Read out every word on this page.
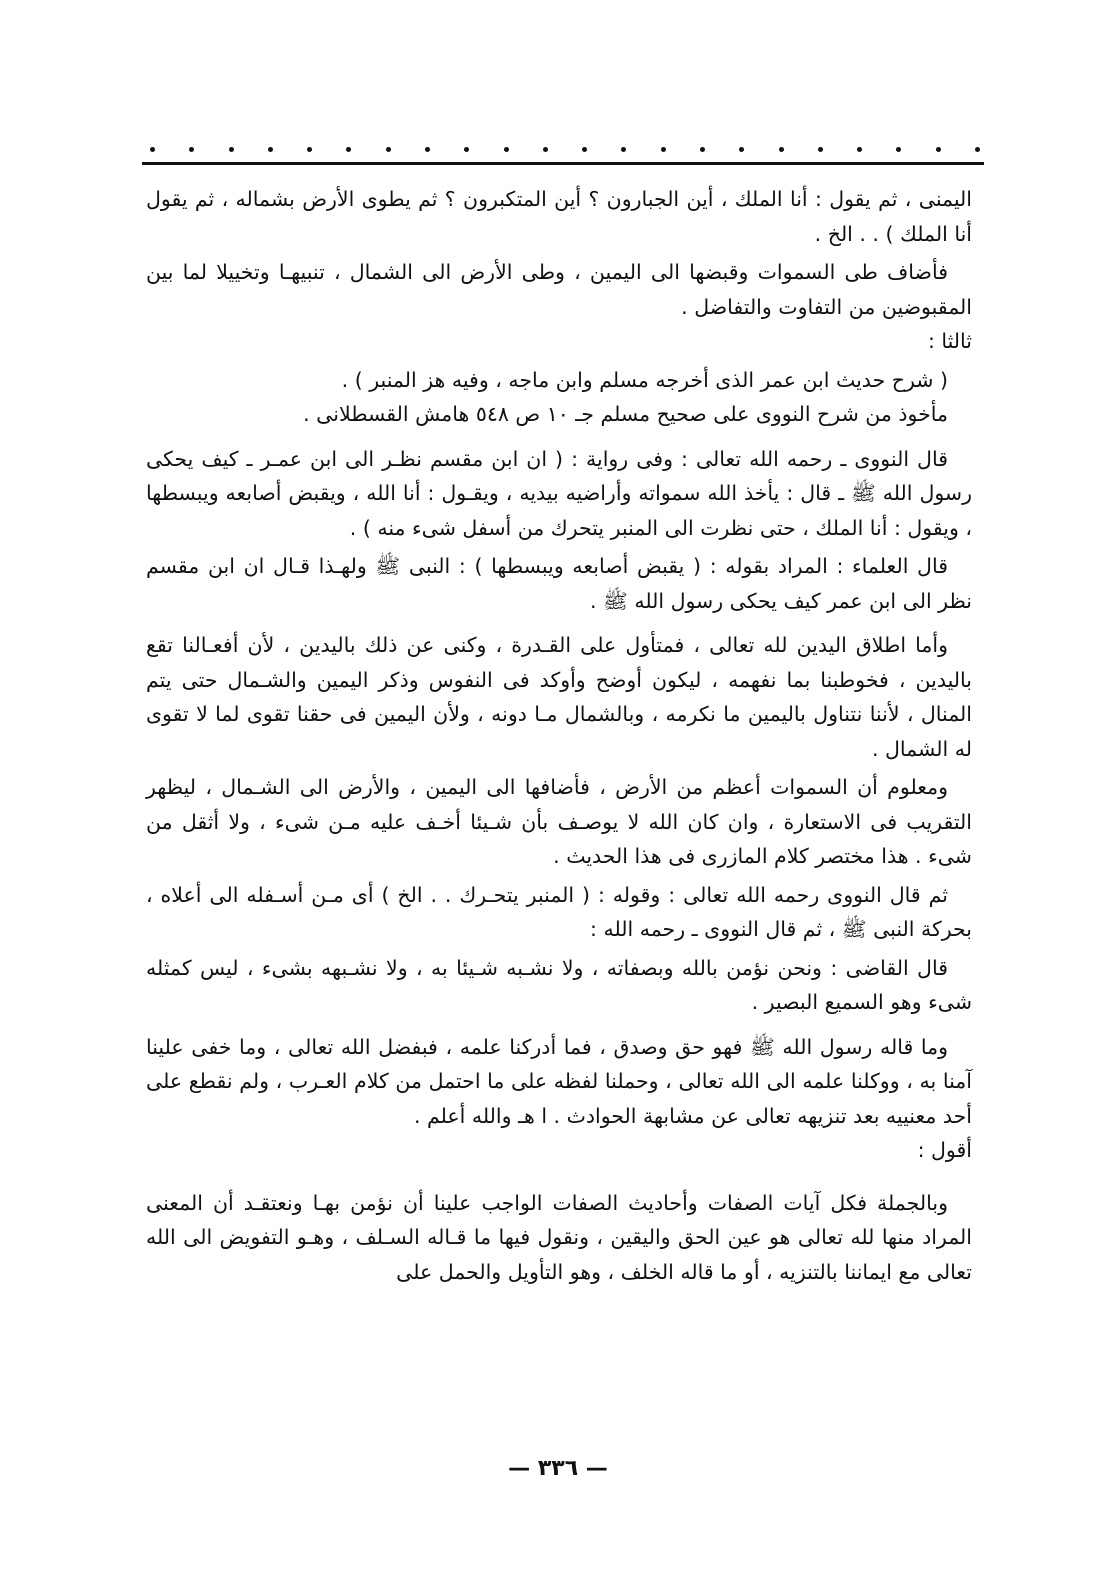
اليمنى ، ثم يقول : أنا الملك ، أين الجبارون ؟ أين المتكبرون ؟ ثم يطوى الأرض بشماله ، ثم يقول أنا الملك ) . . الخ .

فأضاف طى السموات وقبضها الى اليمين ، وطى الأرض الى الشمال ، تنبيهـا وتخييلا لما بين المقبوضين من التفاوت والتفاضل .

ثالثا :

( شرح حديث ابن عمر الذى أخرجه مسلم وابن ماجه ، وفيه هز المنبر ) .

مأخوذ من شرح النووى على صحيح مسلم جـ ١٠ ص ٥٤٨ هامش القسطلانى .

قال النووى ـ رحمه الله تعالى : وفى رواية : ( ان ابن مقسم نظـر الى ابن عمـر ـ كيف يحكى رسول الله ﷺ ـ قال : يأخذ الله سمواته وأراضيه بيديه ، ويقـول : أنا الله ، ويقبض أصابعه ويبسطها ، ويقول : أنا الملك ، حتى نظرت الى المنبر يتحرك من أسفل شىء منه ) .

قال العلماء : المراد بقوله : ( يقبض أصابعه ويبسطها ) : النبى ﷺ ولهـذا قـال ان ابن مقسم نظر الى ابن عمر كيف يحكى رسول الله ﷺ .

وأما اطلاق اليدين لله تعالى ، فمتأول على القـدرة ، وكنى عن ذلك باليدين ، لأن أفعـالنا تقع باليدين ، فخوطبنا بما نفهمه ، ليكون أوضح وأوكد فى النفوس وذكر اليمين والشـمال حتى يتم المنال ، لأننا نتناول باليمين ما نكرمه ، وبالشمال مـا دونه ، ولأن اليمين فى حقنا تقوى لما لا تقوى له الشمال .

ومعلوم أن السموات أعظم من الأرض ، فأضافها الى اليمين ، والأرض الى الشـمال ، ليظهر التقريب فى الاستعارة ، وان كان الله لا يوصـف بأن شـيئا أخـف عليه مـن شىء ، ولا أثقل من شىء . هذا مختصر كلام المازرى فى هذا الحديث .

ثم قال النووى رحمه الله تعالى : وقوله : ( المنبر يتحـرك . . الخ ) أى مـن أسـفله الى أعلاه ، بحركة النبى ﷺ ، ثم قال النووى ـ رحمه الله :

قال القاضى : ونحن نؤمن بالله وبصفاته ، ولا نشـبه شـيئا به ، ولا نشـبهه بشىء ، ليس كمثله شىء وهو السميع البصير .

وما قاله رسول الله ﷺ فهو حق وصدق ، فما أدركنا علمه ، فبفضل الله تعالى ، وما خفى علينا آمنا به ، ووكلنا علمه الى الله تعالى ، وحملنا لفظه على ما احتمل من كلام العـرب ، ولم نقطع على أحد معنييه بعد تنزيهه تعالى عن مشابهة الحوادث . ا هـ والله أعلم .

أقول :

وبالجملة فكل آيات الصفات وأحاديث الصفات الواجب علينا أن نؤمن بهـا ونعتقـد أن المعنى المراد منها لله تعالى هو عين الحق واليقين ، ونقول فيها ما قـاله السـلف ، وهـو التفويض الى الله تعالى مع ايماننا بالتنزيه ، أو ما قاله الخلف ، وهو التأويل والحمل على

— ٣٣٦ —
